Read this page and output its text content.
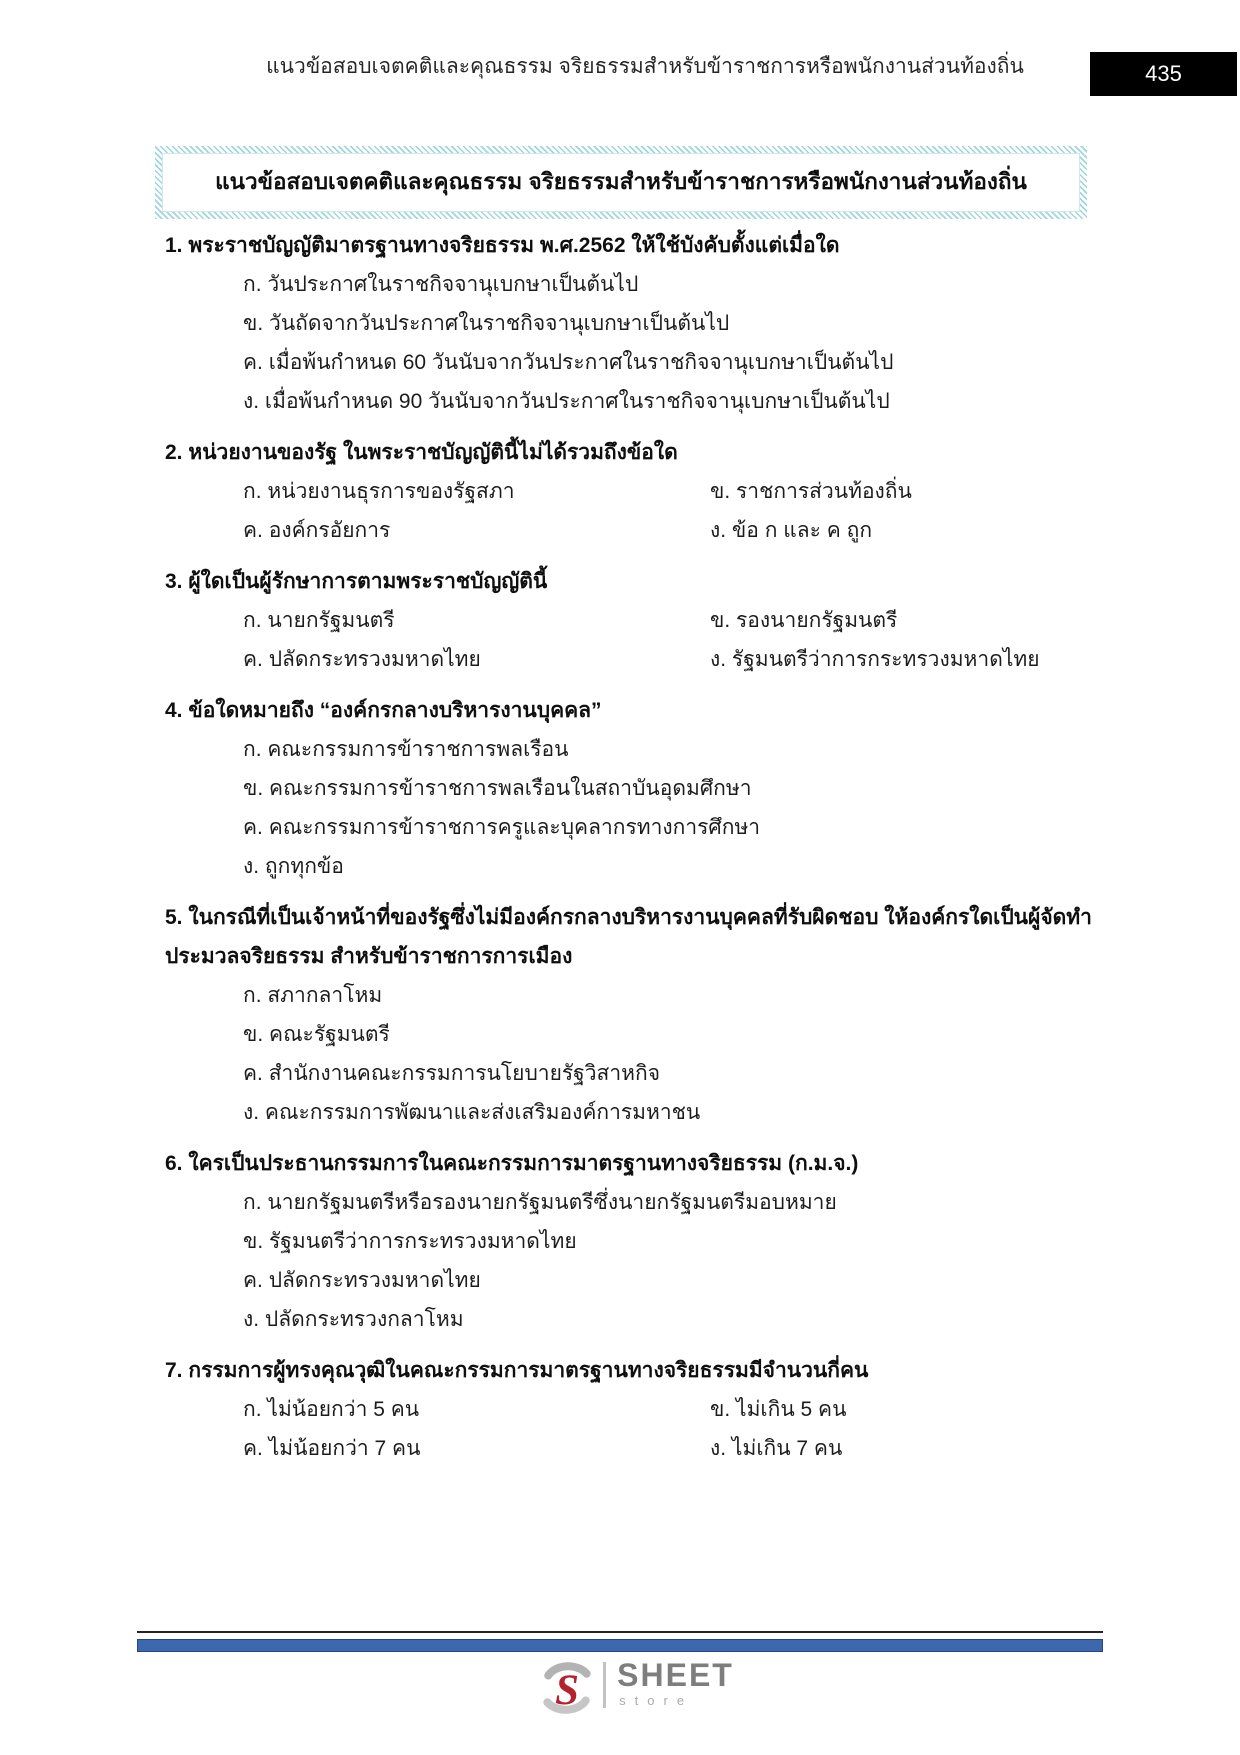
แนวข้อสอบเจตคติและคุณธรรม จริยธรรมสำหรับข้าราชการหรือพนักงานส่วนท้องถิ่น	435
แนวข้อสอบเจตคติและคุณธรรม จริยธรรมสำหรับข้าราชการหรือพนักงานส่วนท้องถิ่น
1. พระราชบัญญัติมาตรฐานทางจริยธรรม พ.ศ.2562 ให้ใช้บังคับตั้งแต่เมื่อใด
ก. วันประกาศในราชกิจจานุเบกษาเป็นต้นไป
ข. วันถัดจากวันประกาศในราชกิจจานุเบกษาเป็นต้นไป
ค. เมื่อพ้นกำหนด 60 วันนับจากวันประกาศในราชกิจจานุเบกษาเป็นต้นไป
ง. เมื่อพ้นกำหนด 90 วันนับจากวันประกาศในราชกิจจานุเบกษาเป็นต้นไป
2. หน่วยงานของรัฐ ในพระราชบัญญัตินี้ไม่ได้รวมถึงข้อใด
ก. หน่วยงานธุรการของรัฐสภา	ข. ราชการส่วนท้องถิ่น
ค. องค์กรอัยการ	ง. ข้อ ก และ ค ถูก
3. ผู้ใดเป็นผู้รักษาการตามพระราชบัญญัตินี้
ก. นายกรัฐมนตรี	ข. รองนายกรัฐมนตรี
ค. ปลัดกระทรวงมหาดไทย	ง. รัฐมนตรีว่าการกระทรวงมหาดไทย
4. ข้อใดหมายถึง “องค์กรกลางบริหารงานบุคคล”
ก. คณะกรรมการข้าราชการพลเรือน
ข. คณะกรรมการข้าราชการพลเรือนในสถาบันอุดมศึกษา
ค. คณะกรรมการข้าราชการครูและบุคลากรทางการศึกษา
ง. ถูกทุกข้อ
5. ในกรณีที่เป็นเจ้าหน้าที่ของรัฐซึ่งไม่มีองค์กรกลางบริหารงานบุคคลที่รับผิดชอบ ให้องค์กรใดเป็นผู้จัดทำ​ประมวลจริยธรรม สำหรับข้าราชการการเมือง
ก. สภากลาโหม
ข. คณะรัฐมนตรี
ค. สำนักงานคณะกรรมการนโยบายรัฐวิสาหกิจ
ง. คณะกรรมการพัฒนาและส่งเสริมองค์การมหาชน
6. ใครเป็นประธานกรรมการในคณะกรรมการมาตรฐานทางจริยธรรม (ก.ม.จ.)
ก. นายกรัฐมนตรีหรือรองนายกรัฐมนตรีซึ่งนายกรัฐมนตรีมอบหมาย
ข. รัฐมนตรีว่าการกระทรวงมหาดไทย
ค. ปลัดกระทรวงมหาดไทย
ง. ปลัดกระทรวงกลาโหม
7. กรรมการผู้ทรงคุณวุฒิในคณะกรรมการมาตรฐานทางจริยธรรมมีจำนวนกี่คน
ก. ไม่น้อยกว่า 5 คน	ข. ไม่เกิน 5 คน
ค. ไม่น้อยกว่า 7 คน	ง. ไม่เกิน 7 คน
S SHEET
store
